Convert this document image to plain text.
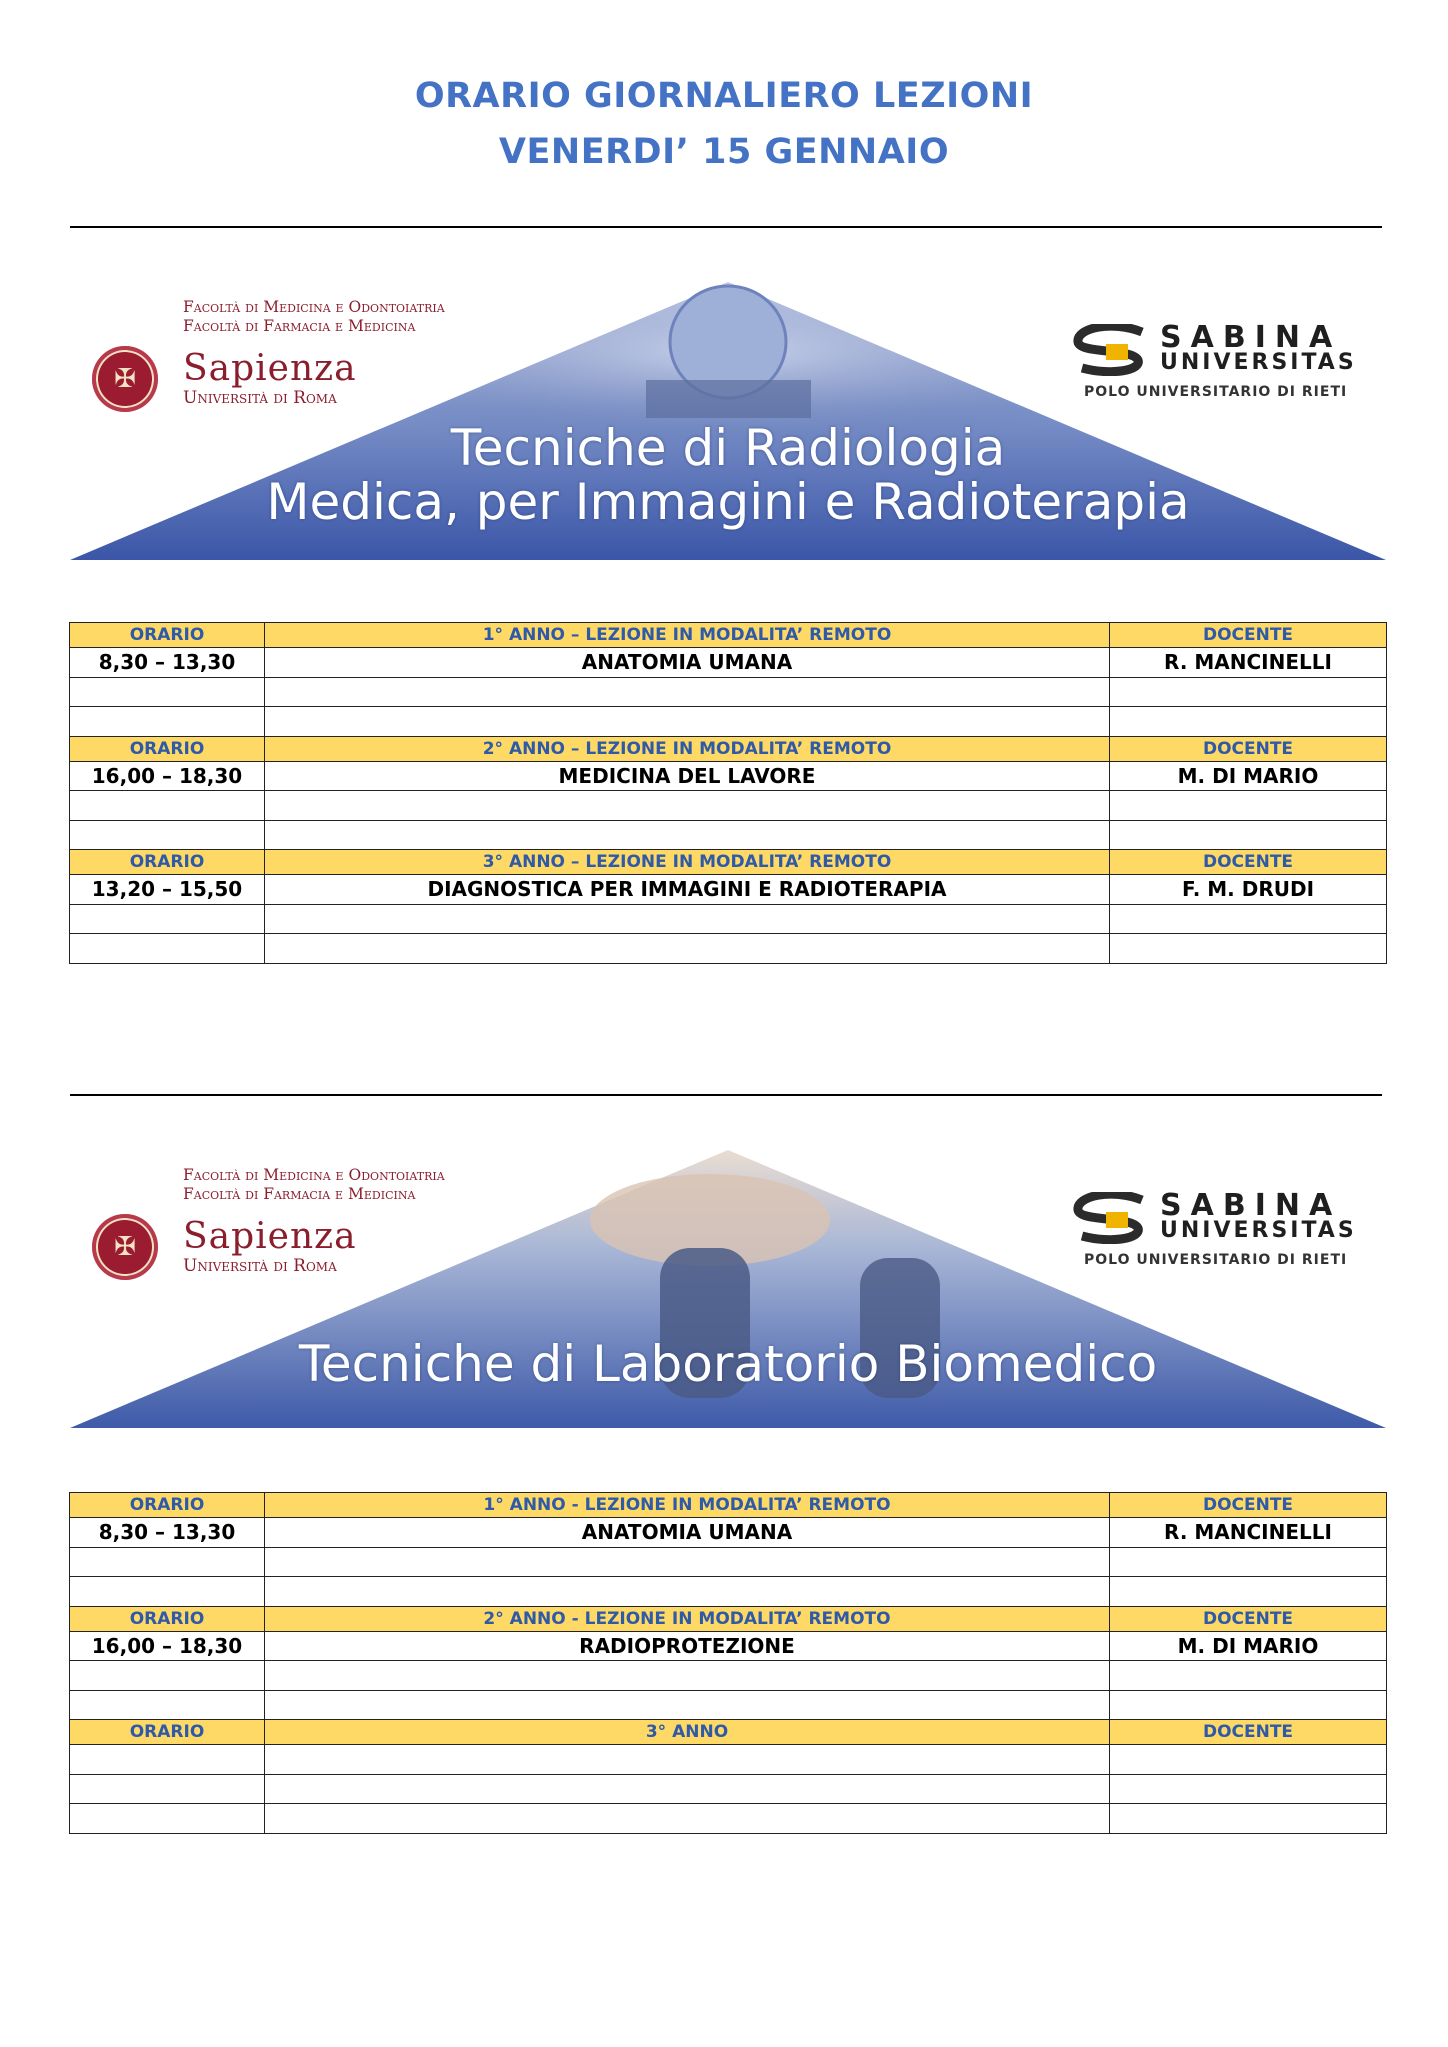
ORARIO GIORNALIERO LEZIONI
VENERDI’ 15 GENNAIO
Facoltà di Medicina e Odontoiatria
Facoltà di Farmacia e Medicina
✠	Sapienza
Università di Roma
SABINA
UNIVERSITAS
POLO UNIVERSITARIO DI RIETI
Tecniche di Radiologia
Medica, per Immagini e Radioterapia
ORARIO	1° ANNO – LEZIONE IN MODALITA’ REMOTO	DOCENTE
8,30 – 13,30	ANATOMIA UMANA	R. MANCINELLI

ORARIO	2° ANNO – LEZIONE IN MODALITA’ REMOTO	DOCENTE
16,00 – 18,30	MEDICINA DEL LAVORE	M. DI MARIO

ORARIO	3° ANNO – LEZIONE IN MODALITA’ REMOTO	DOCENTE
13,20 – 15,50	DIAGNOSTICA PER IMMAGINI E RADIOTERAPIA	F. M. DRUDI

Facoltà di Medicina e Odontoiatria
Facoltà di Farmacia e Medicina
✠	Sapienza
Università di Roma
SABINA
UNIVERSITAS
POLO UNIVERSITARIO DI RIETI
Tecniche di Laboratorio Biomedico
ORARIO	1° ANNO - LEZIONE IN MODALITA’ REMOTO	DOCENTE
8,30 – 13,30	ANATOMIA UMANA	R. MANCINELLI

ORARIO	2° ANNO - LEZIONE IN MODALITA’ REMOTO	DOCENTE
16,00 – 18,30	RADIOPROTEZIONE	M. DI MARIO

ORARIO	3° ANNO	DOCENTE
